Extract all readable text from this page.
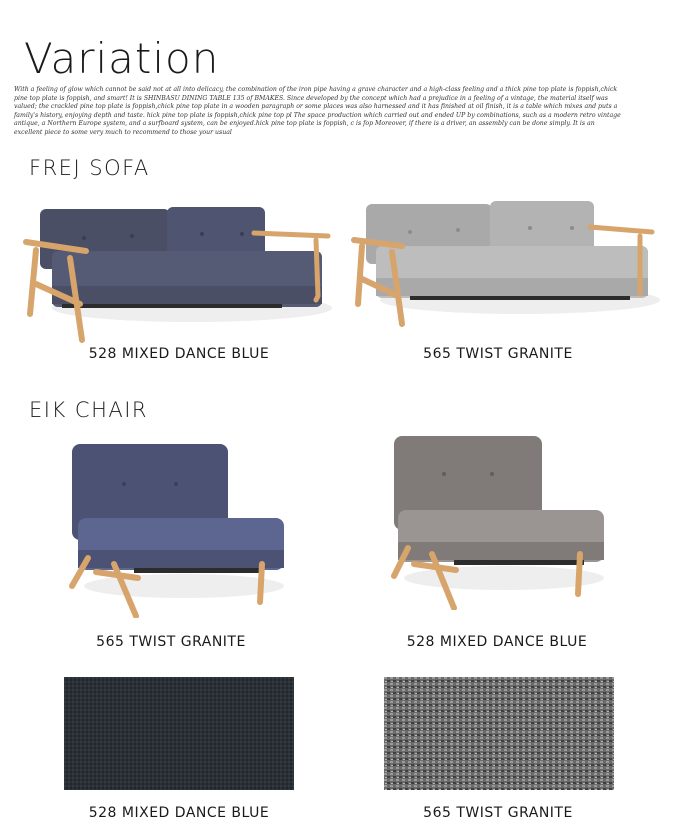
Variation
With a feeling of glow which cannot be said not at all into delicacy, the combination of the iron pipe having a grave character and a high-class feeling and a thick pine top plate is foppish,chick pine top plate is foppish, and smart! It is SHINBASU DINING TABLE 135 of BMAKES. Since developed by the concept which had a prejudice in a feeling of a vintage, the material itself was valued; the crackled pine top plate is foppish,chick pine top plate in a wooden paragraph or some places was also harnessed and it has finished at oil finish, it is a table which mixes and puts a family's history, enjoying depth and taste. hick pine top plate is foppish,chick pine top pl The space production which carried out and ended UP by combinations, such as a modern retro vintage antique, a Northern Europe system, and a surfboard system, can be enjoyed.hick pine top plate is foppish, c is fop Moreover, if there is a driver, an assembly can be done simply. It is an excellent piece to some very much to recommend to those your usual
FREJ SOFA
528 MIXED DANCE BLUE	565 TWIST GRANITE
EIK CHAIR
565 TWIST GRANITE	528 MIXED DANCE BLUE
528 MIXED DANCE BLUE	565 TWIST GRANITE
